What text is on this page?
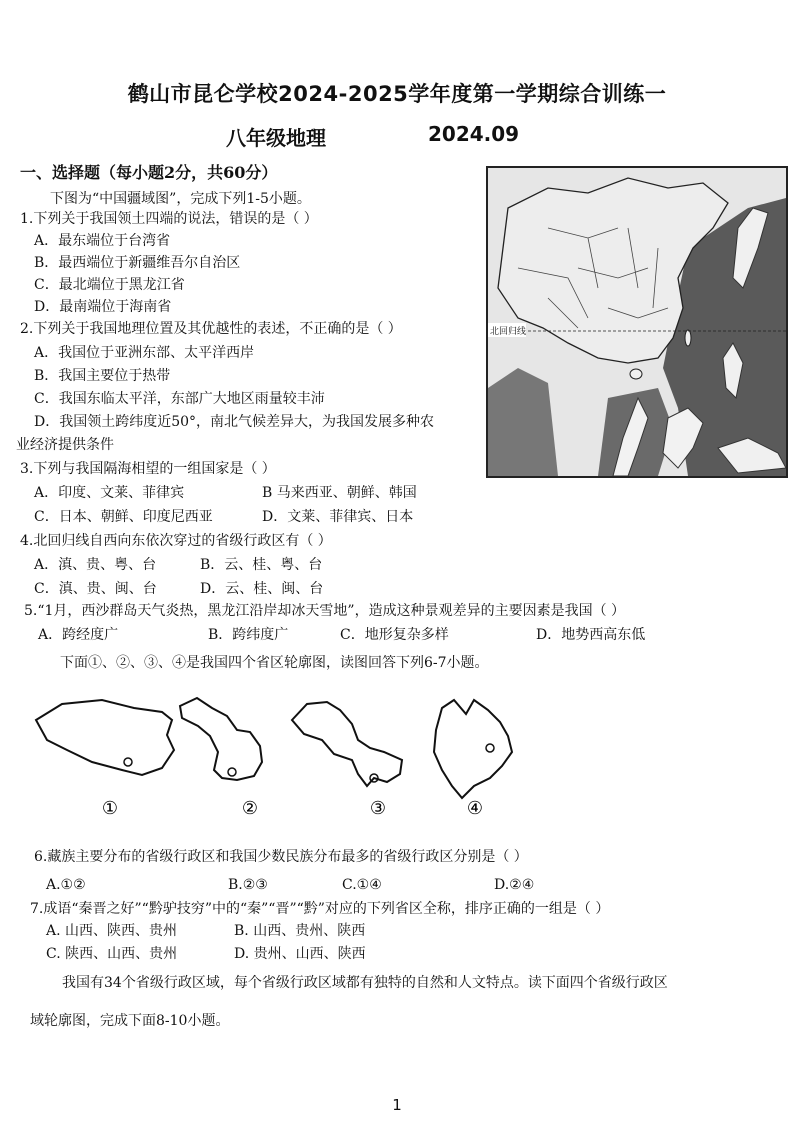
鹤山市昆仑学校2024-2025学年度第一学期综合训练一
八年级地理	2024.09
一、选择题（每小题2分，共60分）
下图为“中国疆域图”，完成下列1-5小题。
北回归线
1.下列关于我国领土四端的说法，错误的是（ ）
A．最东端位于台湾省
B．最西端位于新疆维吾尔自治区
C．最北端位于黑龙江省
D．最南端位于海南省
2.下列关于我国地理位置及其优越性的表述，不正确的是（ ）
A．我国位于亚洲东部、太平洋西岸
B．我国主要位于热带
C．我国东临太平洋，东部广大地区雨量较丰沛
D．我国领土跨纬度近50°，南北气候差异大，为我国发展多种农
业经济提供条件
3.下列与我国隔海相望的一组国家是（ ）
A．印度、文莱、菲律宾	B 马来西亚、朝鲜、韩国
C．日本、朝鲜、印度尼西亚	D．文莱、菲律宾、日本
4.北回归线自西向东依次穿过的省级行政区有（ ）
A．滇、贵、粤、台	B．云、桂、粤、台
C．滇、贵、闽、台	D．云、桂、闽、台
5.“1月，西沙群岛天气炎热，黑龙江沿岸却冰天雪地”，造成这种景观差异的主要因素是我国（ ）
A．跨经度广	B．跨纬度广	C．地形复杂多样	D．地势西高东低
下面①、②、③、④是我国四个省区轮廓图，读图回答下列6-7小题。
①	②	③	④
6.藏族主要分布的省级行政区和我国少数民族分布最多的省级行政区分别是（ ）
A.①②	B.②③	C.①④	D.②④
7.成语“秦晋之好”“黔驴技穷”中的“秦”“晋”“黔”对应的下列省区全称，排序正确的一组是（ ）
A. 山西、陕西、贵州	B. 山西、贵州、陕西
C. 陕西、山西、贵州	D. 贵州、山西、陕西
我国有34个省级行政区域，每个省级行政区域都有独特的自然和人文特点。读下面四个省级行政区
域轮廓图，完成下面8-10小题。
1
